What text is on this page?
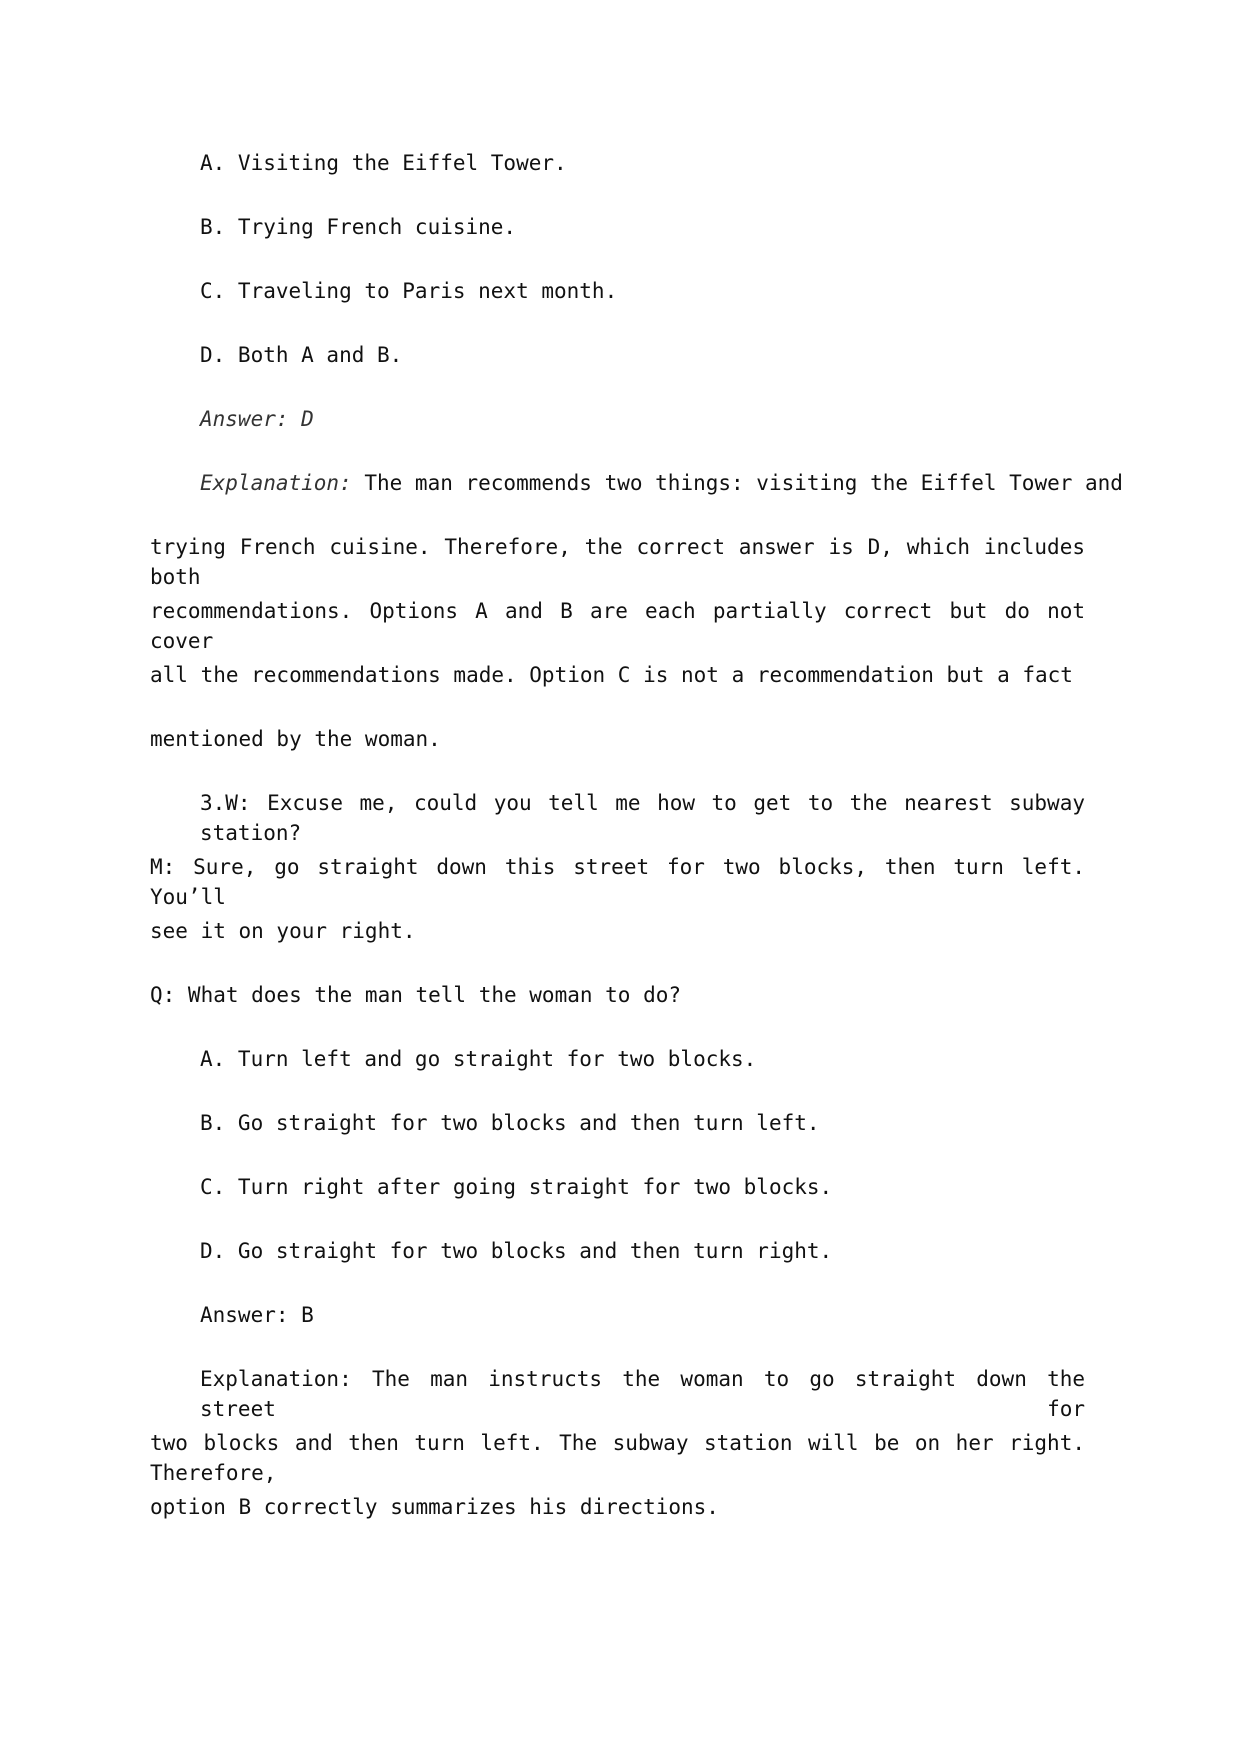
A. Visiting the Eiffel Tower.

B. Trying French cuisine.

C. Traveling to Paris next month.

D. Both A and B.

Answer: D

Explanation: The man recommends two things: visiting the Eiffel Tower and

trying French cuisine. Therefore, the correct answer is D, which includes both

recommendations. Options A and B are each partially correct but do not cover

all the recommendations made. Option C is not a recommendation but a fact

mentioned by the woman.

3.W: Excuse me, could you tell me how to get to the nearest subway station?

M: Sure, go straight down this street for two blocks, then turn left. You’ll

see it on your right.

Q: What does the man tell the woman to do?

A. Turn left and go straight for two blocks.

B. Go straight for two blocks and then turn left.

C. Turn right after going straight for two blocks.

D. Go straight for two blocks and then turn right.

Answer: B

Explanation: The man instructs the woman to go straight down the street for

two blocks and then turn left. The subway station will be on her right. Therefore,

option B correctly summarizes his directions.
